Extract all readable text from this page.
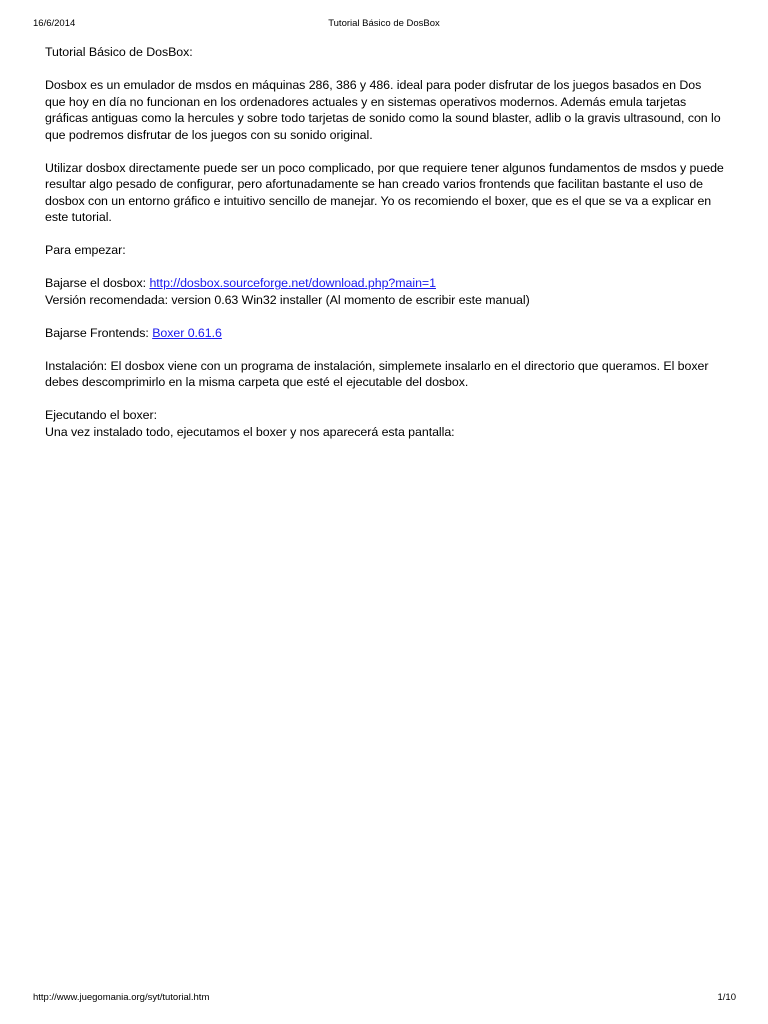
16/6/2014	Tutorial Básico de DosBox

Tutorial Básico de DosBox:

Dosbox es un emulador de msdos en máquinas 286, 386 y 486. ideal para poder disfrutar de los juegos basados en Dos que hoy en día no funcionan en los ordenadores actuales y en sistemas operativos modernos. Además emula tarjetas gráficas antiguas como la hercules y sobre todo tarjetas de sonido como la sound blaster, adlib o la gravis ultrasound, con lo que podremos disfrutar de los juegos con su sonido original.

Utilizar dosbox directamente puede ser un poco complicado, por que requiere tener algunos fundamentos de msdos y puede resultar algo pesado de configurar, pero afortunadamente se han creado varios frontends que facilitan bastante el uso de dosbox con un entorno gráfico e intuitivo sencillo de manejar. Yo os recomiendo el boxer, que es el que se va a explicar en este tutorial.

Para empezar:

Bajarse el dosbox: http://dosbox.sourceforge.net/download.php?main=1
Versión recomendada: version 0.63 Win32 installer (Al momento de escribir este manual)

Bajarse Frontends: Boxer 0.61.6

Instalación: El dosbox viene con un programa de instalación, simplemete insalarlo en el directorio que queramos. El boxer debes descomprimirlo en la misma carpeta que esté el ejecutable del dosbox.

Ejecutando el boxer:
Una vez instalado todo, ejecutamos el boxer y nos aparecerá esta pantalla:

http://www.juegomania.org/syt/tutorial.htm	1/10
